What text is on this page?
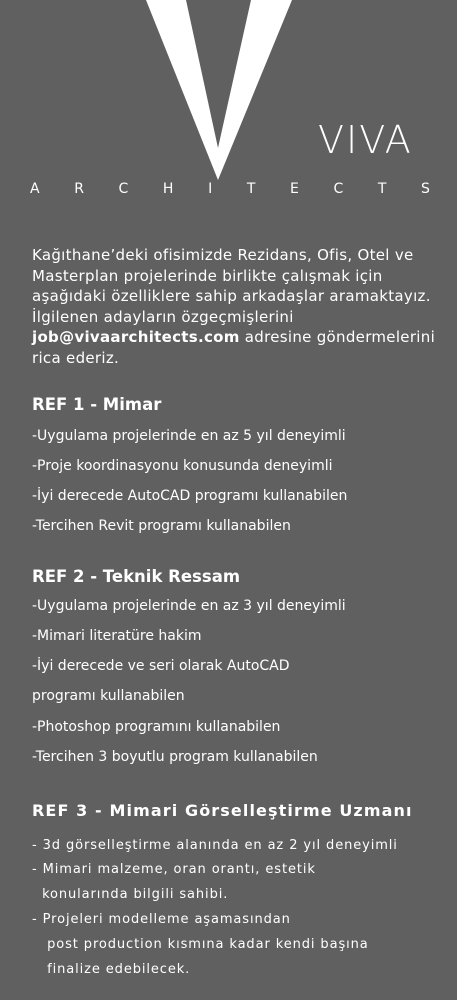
VIVA
A R C H I T E C T S
Kağıthane’deki ofisimizde Rezidans, Ofis, Otel ve Masterplan projelerinde birlikte çalışmak için aşağıdaki özelliklere sahip arkadaşlar aramaktayız. İlgilenen adayların özgeçmişlerini job@vivaarchitects.com adresine göndermelerini rica ederiz.
REF 1 - Mimar
-Uygulama projelerinde en az 5 yıl deneyimli
-Proje koordinasyonu konusunda deneyimli
-İyi derecede AutoCAD programı kullanabilen
-Tercihen Revit programı kullanabilen
REF 2 - Teknik Ressam
-Uygulama projelerinde en az 3 yıl deneyimli
-Mimari literatüre hakim
-İyi derecede ve seri olarak AutoCAD
programı kullanabilen
-Photoshop programını kullanabilen
-Tercihen 3 boyutlu program kullanabilen
REF 3 - Mimari Görselleştirme Uzmanı
- 3d görselleştirme alanında en az 2 yıl deneyimli
- Mimari malzeme, oran orantı, estetik
konularında bilgili sahibi.
- Projeleri modelleme aşamasından
post production kısmına kadar kendi başına
finalize edebilecek.
